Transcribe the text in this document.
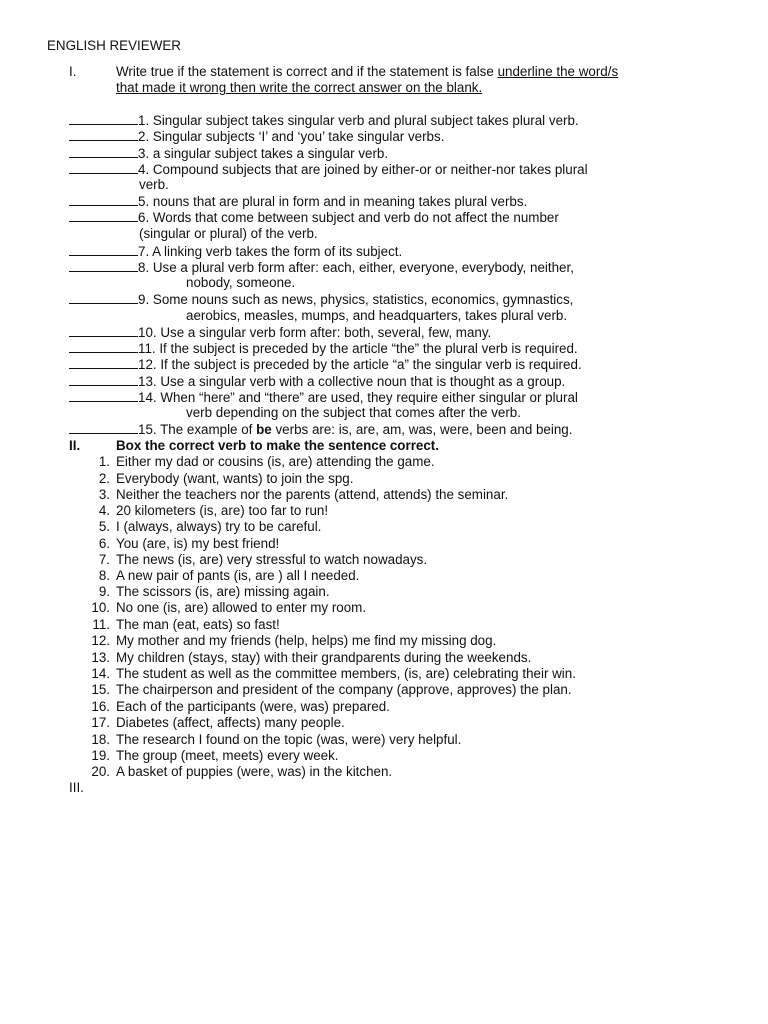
ENGLISH REVIEWER
I.	Write true if the statement is correct and if the statement is false underline the word/s
that made it wrong then write the correct answer on the blank.
1. Singular subject takes singular verb and plural subject takes plural verb.
2. Singular subjects ‘I’ and ‘you’ take singular verbs.
3. a singular subject takes a singular verb.
4. Compound subjects that are joined by either-or or neither-nor takes plural
verb.
5. nouns that are plural in form and in meaning takes plural verbs.
6. Words that come between subject and verb do not affect the number
(singular or plural) of the verb.
7. A linking verb takes the form of its subject.
8. Use a plural verb form after: each, either, everyone, everybody, neither,
nobody, someone.
9. Some nouns such as news, physics, statistics, economics, gymnastics,
aerobics, measles, mumps, and headquarters, takes plural verb.
10. Use a singular verb form after: both, several, few, many.
11. If the subject is preceded by the article “the” the plural verb is required.
12. If the subject is preceded by the article “a” the singular verb is required.
13. Use a singular verb with a collective noun that is thought as a group.
14. When “here” and “there” are used, they require either singular or plural
verb depending on the subject that comes after the verb.
15. The example of be verbs are: is, are, am, was, were, been and being.
II.	Box the correct verb to make the sentence correct.
1. Either my dad or cousins (is, are) attending the game.
2. Everybody (want, wants) to join the spg.
3. Neither the teachers nor the parents (attend, attends) the seminar.
4. 20 kilometers (is, are) too far to run!
5. I (always, always) try to be careful.
6. You (are, is) my best friend!
7. The news (is, are) very stressful to watch nowadays.
8. A new pair of pants (is, are ) all I needed.
9. The scissors (is, are) missing again.
10. No one (is, are) allowed to enter my room.
11. The man (eat, eats) so fast!
12. My mother and my friends (help, helps) me find my missing dog.
13. My children (stays, stay) with their grandparents during the weekends.
14. The student as well as the committee members, (is, are) celebrating their win.
15. The chairperson and president of the company (approve, approves) the plan.
16. Each of the participants (were, was) prepared.
17. Diabetes (affect, affects) many people.
18. The research I found on the topic (was, were) very helpful.
19. The group (meet, meets) every week.
20. A basket of puppies (were, was) in the kitchen.
III.
